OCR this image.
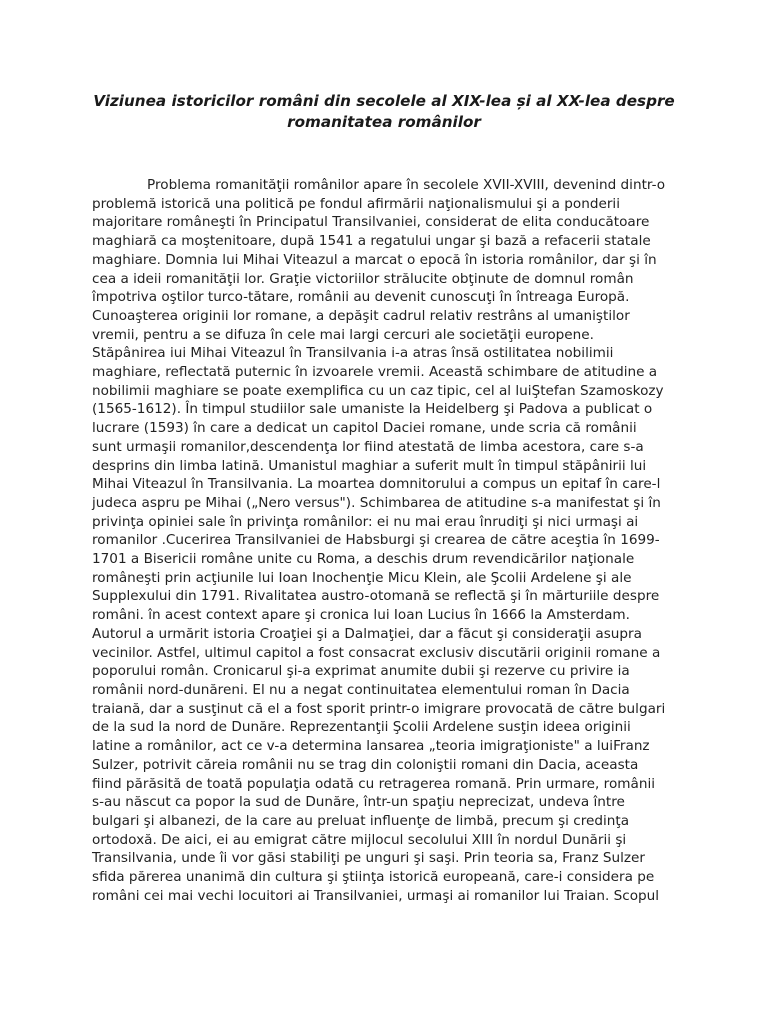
Viziunea istoricilor români din secolele al XIX-lea și al XX-lea despre
romanitatea românilor
Problema romanităţii românilor apare în secolele XVII-XVIII, devenind dintr-o
problemă istorică una politică pe fondul afirmării naţionalismului şi a ponderii
majoritare româneşti în Principatul Transilvaniei, considerat de elita conducătoare
maghiară ca moştenitoare, după 1541 a regatului ungar şi bază a refacerii statale
maghiare. Domnia lui Mihai Viteazul a marcat o epocă în istoria românilor, dar şi în
cea a ideii romanităţii lor. Graţie victoriilor strălucite obţinute de domnul român
împotriva oştilor turco-tătare, românii au devenit cunoscuţi în întreaga Europă.
Cunoaşterea originii lor romane, a depăşit cadrul relativ restrâns al umaniştilor
vremii, pentru a se difuza în cele mai largi cercuri ale societăţii europene.
Stăpânirea iui Mihai Viteazul în Transilvania i-a atras însă ostilitatea nobilimii
maghiare, reflectată puternic în izvoarele vremii. Această schimbare de atitudine a
nobilimii maghiare se poate exemplifica cu un caz tipic, cel al luiŞtefan Szamoskozy
(1565-1612). În timpul studiilor sale umaniste la Heidelberg şi Padova a publicat o
lucrare (1593) în care a dedicat un capitol Daciei romane, unde scria că românii
sunt urmaşii romanilor,descendenţa lor fiind atestată de limba acestora, care s-a
desprins din limba latină. Umanistul maghiar a suferit mult în timpul stăpânirii lui
Mihai Viteazul în Transilvania. La moartea domnitorului a compus un epitaf în care-l
judeca aspru pe Mihai („Nero versus"). Schimbarea de atitudine s-a manifestat şi în
privinţa opiniei sale în privinţa românilor: ei nu mai erau înrudiţi şi nici urmaşi ai
romanilor .Cucerirea Transilvaniei de Habsburgi şi crearea de către aceştia în 1699-
1701 a Bisericii române unite cu Roma, a deschis drum revendicărilor naţionale
româneşti prin acţiunile lui Ioan Inochenţie Micu Klein, ale Şcolii Ardelene şi ale
Supplexului din 1791. Rivalitatea austro-otomană se reflectă şi în mărturiile despre
români. în acest context apare şi cronica lui Ioan Lucius în 1666 la Amsterdam.
Autorul a urmărit istoria Croaţiei şi a Dalmaţiei, dar a făcut şi consideraţii asupra
vecinilor. Astfel, ultimul capitol a fost consacrat exclusiv discutării originii romane a
poporului român. Cronicarul şi-a exprimat anumite dubii şi rezerve cu privire ia
românii nord-dunăreni. El nu a negat continuitatea elementului roman în Dacia
traiană, dar a susţinut că el a fost sporit printr-o imigrare provocată de către bulgari
de la sud la nord de Dunăre. Reprezentanţii Şcolii Ardelene susţin ideea originii
latine a românilor, act ce v-a determina lansarea „teoria imigraţioniste" a luiFranz
Sulzer, potrivit căreia românii nu se trag din coloniştii romani din Dacia, aceasta
fiind părăsită de toată populaţia odată cu retragerea romană. Prin urmare, românii
s-au născut ca popor la sud de Dunăre, într-un spaţiu neprecizat, undeva între
bulgari şi albanezi, de la care au preluat influenţe de limbă, precum şi credinţa
ortodoxă. De aici, ei au emigrat către mijlocul secolului XIII în nordul Dunării şi
Transilvania, unde îi vor găsi stabiliţi pe unguri şi saşi. Prin teoria sa, Franz Sulzer
sfida părerea unanimă din cultura şi ştiinţa istorică europeană, care-i considera pe
români cei mai vechi locuitori ai Transilvaniei, urmaşi ai romanilor lui Traian. Scopul
